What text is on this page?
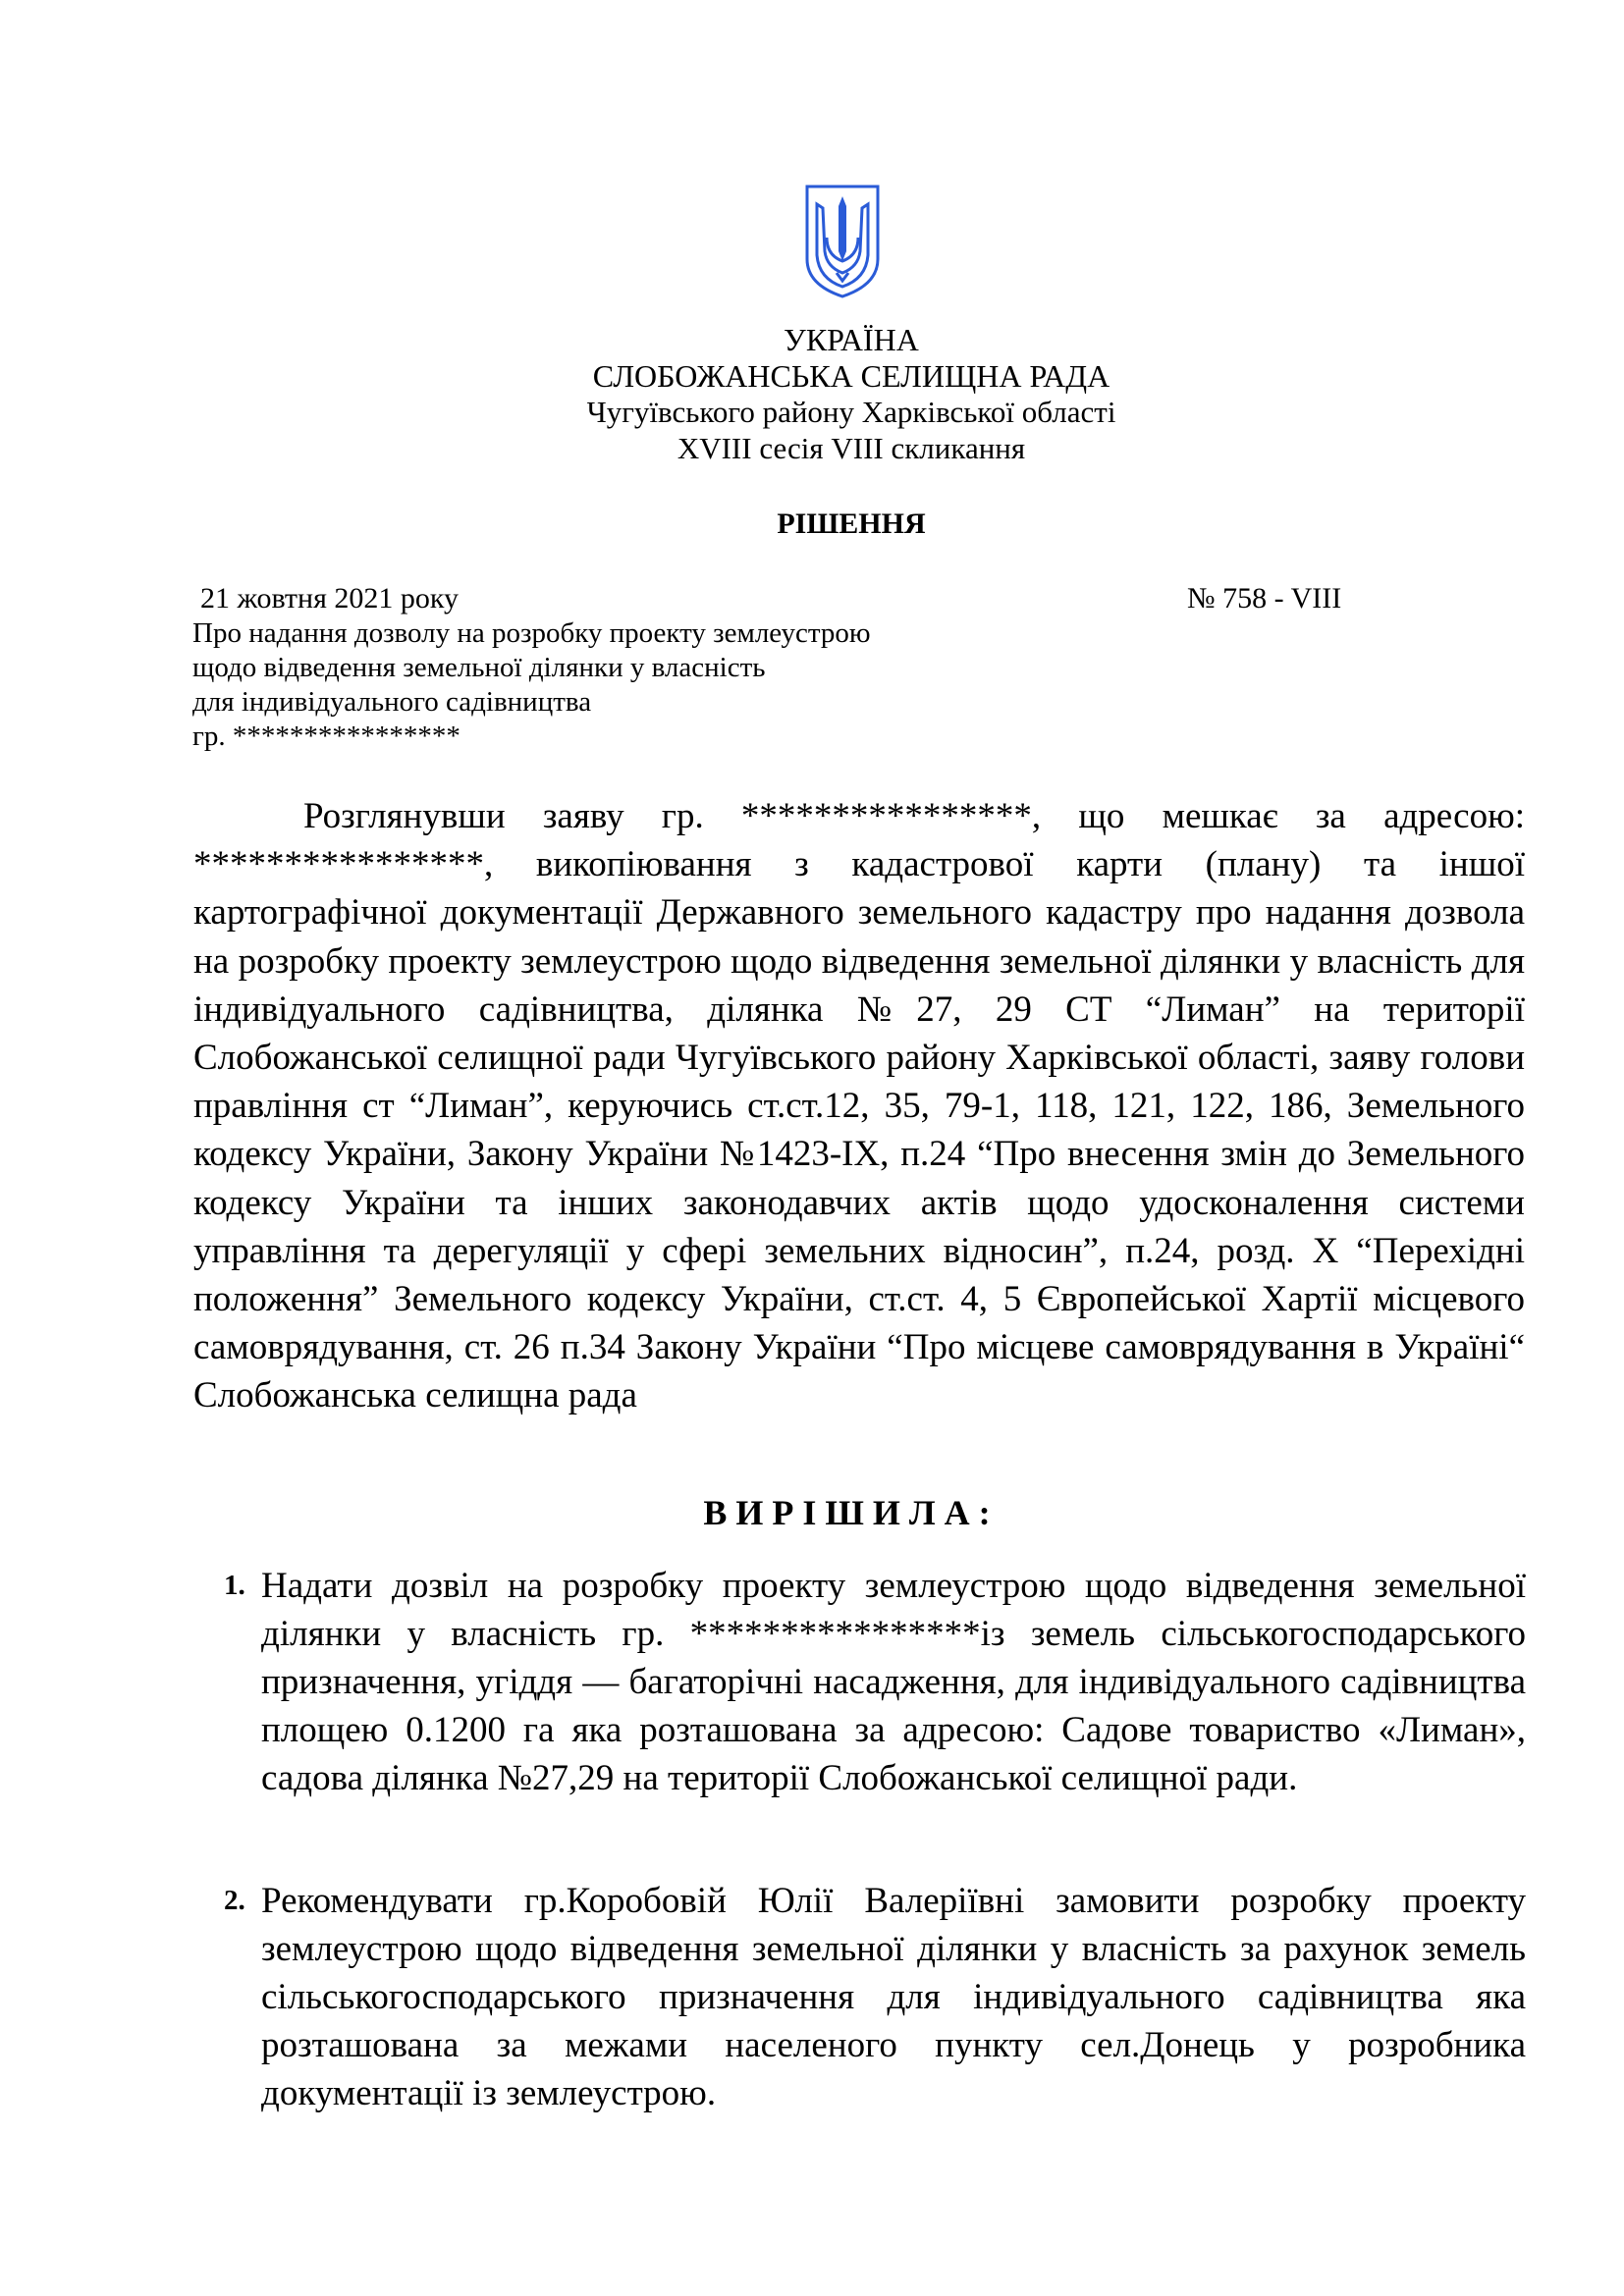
УКРАЇНА
СЛОБОЖАНСЬКА СЕЛИЩНА РАДА
Чугуївського району Харківської області
XVIII сесія VIII скликання
РІШЕННЯ
21 жовтня 2021 року	№ 758 - VIII
Про надання дозволу на розробку проекту землеустрою
щодо відведення земельної ділянки у власність
для індивідуального садівництва
гр. ****************
Розглянувши заяву гр. ****************, що мешкає за адресою: ****************, викопіювання з кадастрової карти (плану) та іншої картографічної документації Державного земельного кадастру про надання дозвола на розробку проекту землеустрою щодо відведення земельної ділянки у власність для індивідуального садівництва, ділянка №27, 29 СТ “Лиман” на території Слобожанської селищної ради Чугуївського району Харківської області, заяву голови правління ст “Лиман”, керуючись ст.ст.12, 35, 79-1, 118, 121, 122, 186, Земельного кодексу України, Закону України №1423-IX, п.24 “Про внесення змін до Земельного кодексу України та інших законодавчих актів щодо удосконалення системи управління та дерегуляції у сфері земельних відносин”, п.24, розд. Х “Перехідні положення” Земельного кодексу України, ст.ст. 4, 5 Європейської Хартії місцевого самоврядування, ст. 26 п.34 Закону України “Про місцеве самоврядування в Україні“ Слобожанська селищна рада
ВИРІШИЛА:
1. Надати дозвіл на розробку проекту землеустрою щодо відведення земельної ділянки у власність гр. ****************із земель сільськогосподарського призначення, угіддя — багаторічні насадження, для індивідуального садівництва площею 0.1200 га яка розташована за адресою: Садове товариство «Лиман», садова ділянка №27,29 на території Слобожанської селищної ради.
2. Рекомендувати гр.Коробовій Юлії Валеріївні замовити розробку проекту землеустрою щодо відведення земельної ділянки у власність за рахунок земель сільськогосподарського призначення для індивідуального садівництва яка розташована за межами населеного пункту сел.Донець у розробника документації із землеустрою.
